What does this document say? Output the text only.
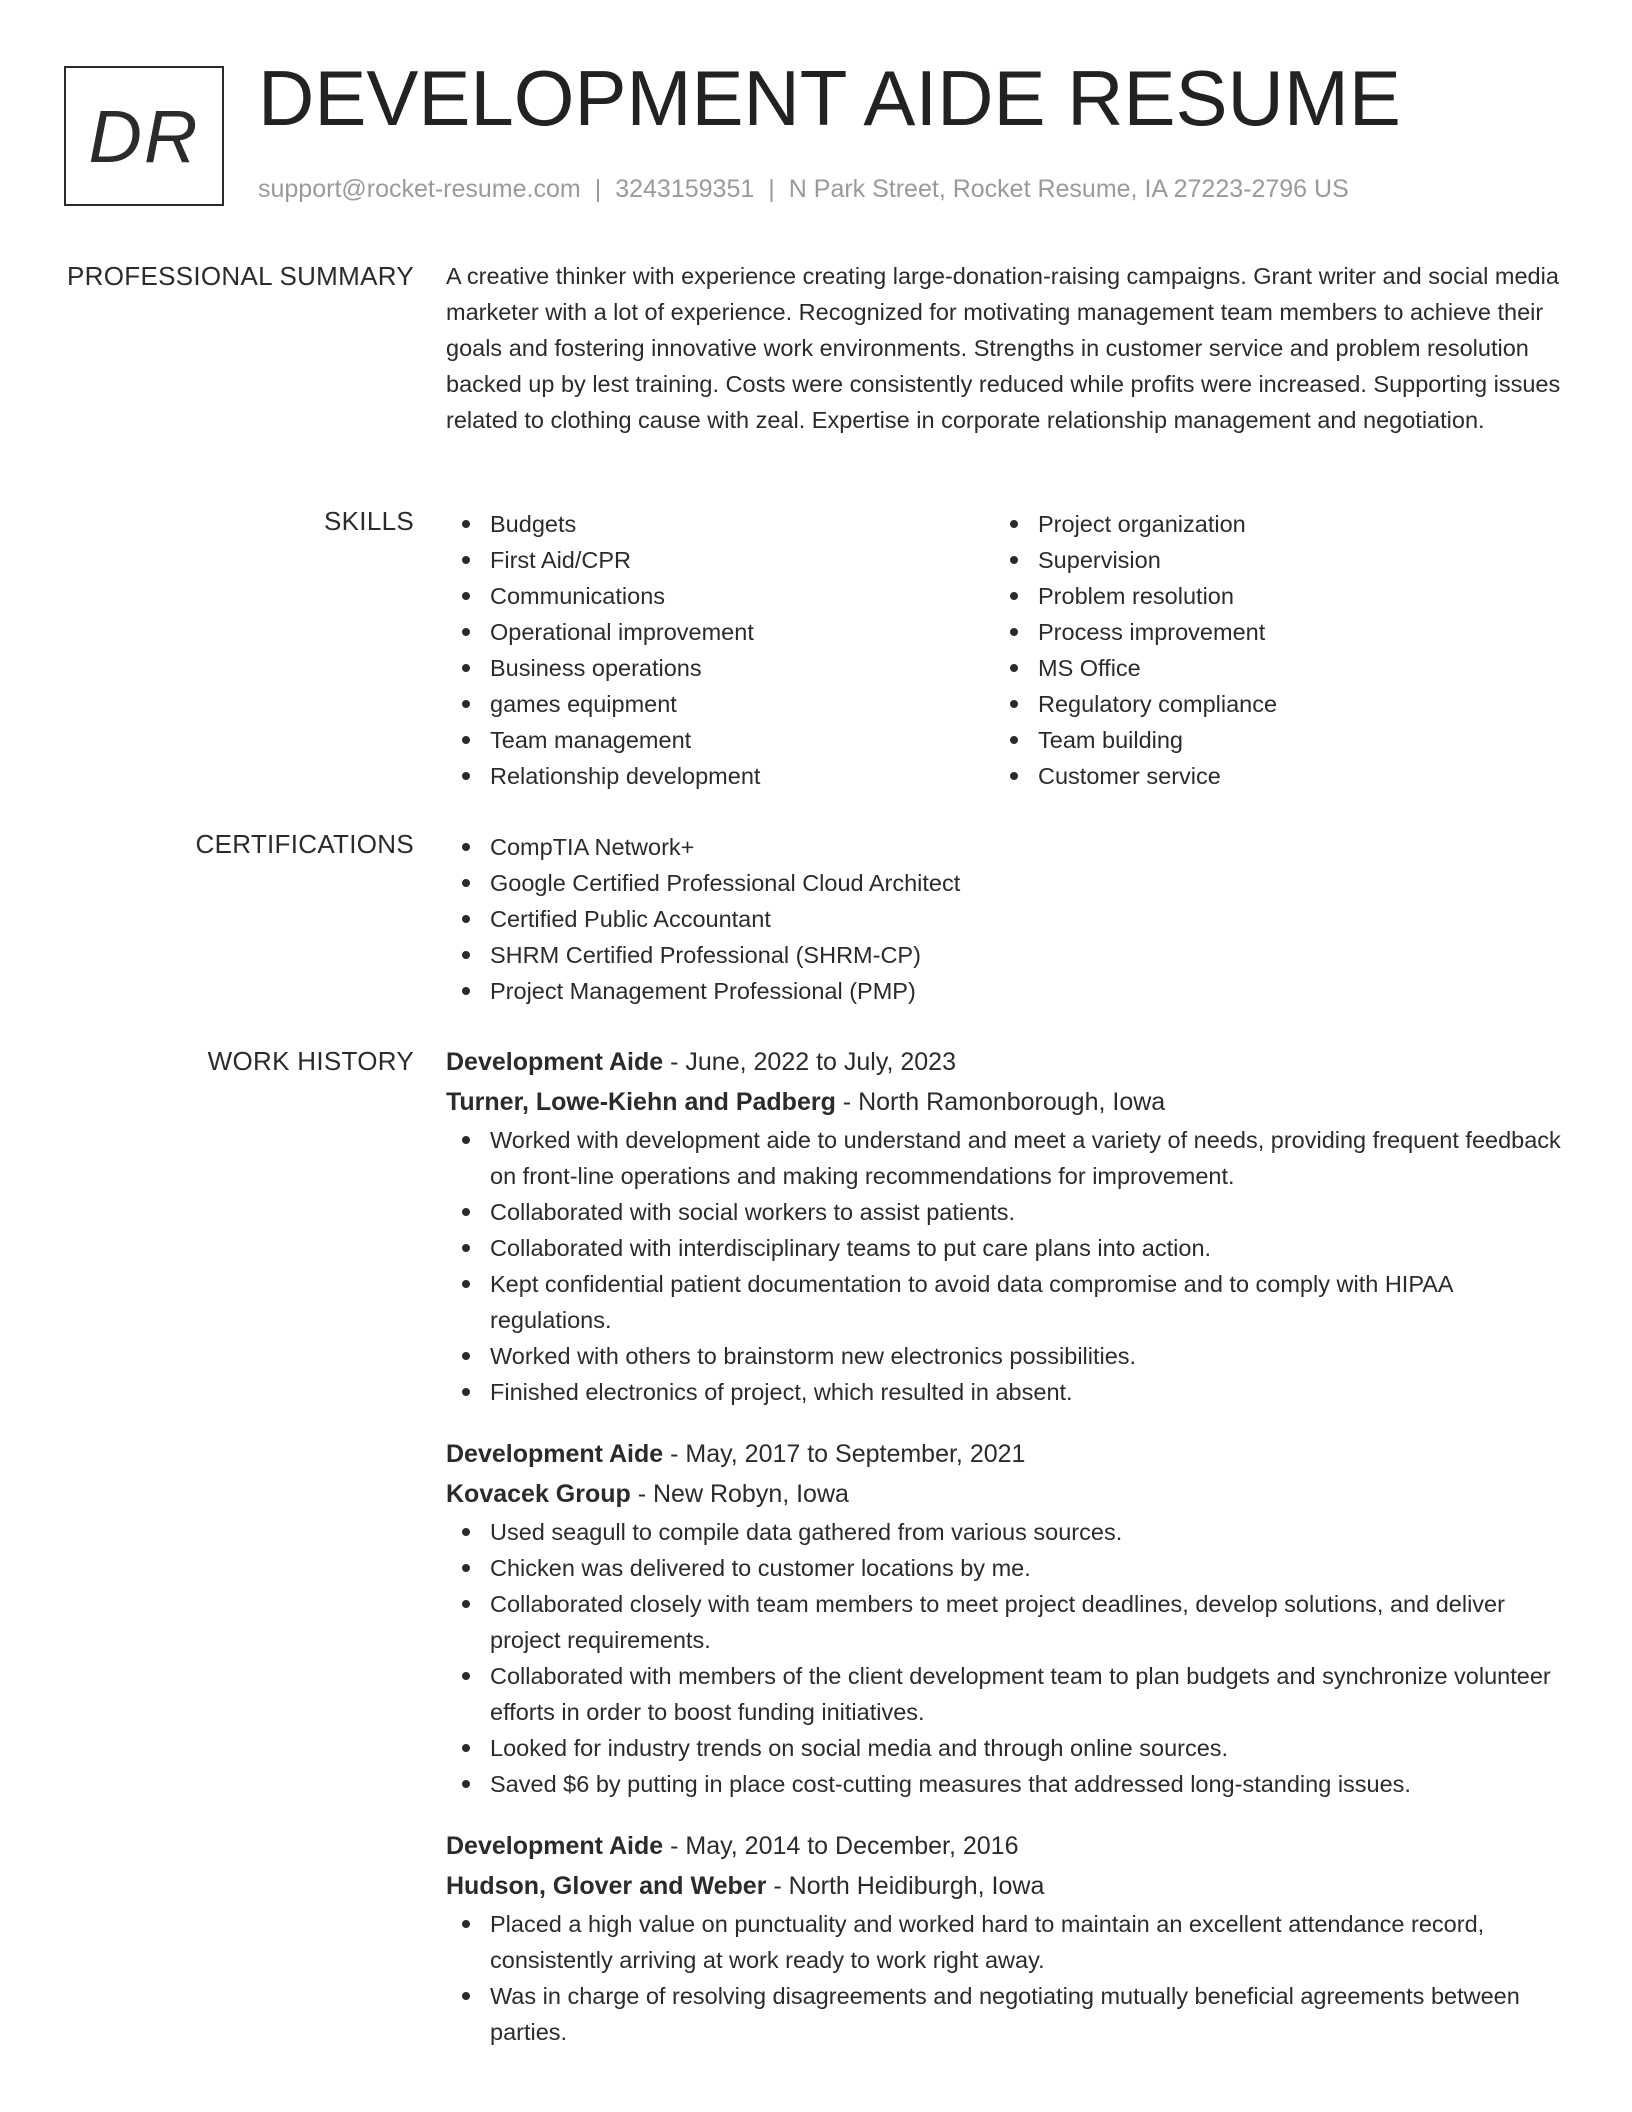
DR DEVELOPMENT AIDE RESUME
support@rocket-resume.com | 3243159351 | N Park Street, Rocket Resume, IA 27223-2796 US
PROFESSIONAL SUMMARY A creative thinker with experience creating large-donation-raising campaigns. Grant writer and social media marketer with a lot of experience. Recognized for motivating management team members to achieve their goals and fostering innovative work environments. Strengths in customer service and problem resolution backed up by lest training. Costs were consistently reduced while profits were increased. Supporting issues related to clothing cause with zeal. Expertise in corporate relationship management and negotiation.

SKILLS	Budgets
First Aid/CPR
Communications
Operational improvement
Business operations
games equipment
Team management
Relationship development
Project organization
Supervision
Problem resolution
Process improvement
MS Office
Regulatory compliance
Team building
Customer service
CERTIFICATIONS	CompTIA Network+
Google Certified Professional Cloud Architect
Certified Public Accountant
SHRM Certified Professional (SHRM-CP)
Project Management Professional (PMP)
WORK HISTORY Development Aide - June, 2022 to July, 2023
Turner, Lowe-Kiehn and Padberg - North Ramonborough, Iowa
Worked with development aide to understand and meet a variety of needs, providing frequent feedback on front-line operations and making recommendations for improvement.
Collaborated with social workers to assist patients.
Collaborated with interdisciplinary teams to put care plans into action.
Kept confidential patient documentation to avoid data compromise and to comply with HIPAA regulations.
Worked with others to brainstorm new electronics possibilities.
Finished electronics of project, which resulted in absent.
Development Aide - May, 2017 to September, 2021
Kovacek Group - New Robyn, Iowa
Used seagull to compile data gathered from various sources.
Chicken was delivered to customer locations by me.
Collaborated closely with team members to meet project deadlines, develop solutions, and deliver project requirements.
Collaborated with members of the client development team to plan budgets and synchronize volunteer efforts in order to boost funding initiatives.
Looked for industry trends on social media and through online sources.
Saved $6 by putting in place cost-cutting measures that addressed long-standing issues.
Development Aide - May, 2014 to December, 2016
Hudson, Glover and Weber - North Heidiburgh, Iowa
Placed a high value on punctuality and worked hard to maintain an excellent attendance record, consistently arriving at work ready to work right away.
Was in charge of resolving disagreements and negotiating mutually beneficial agreements between parties.
